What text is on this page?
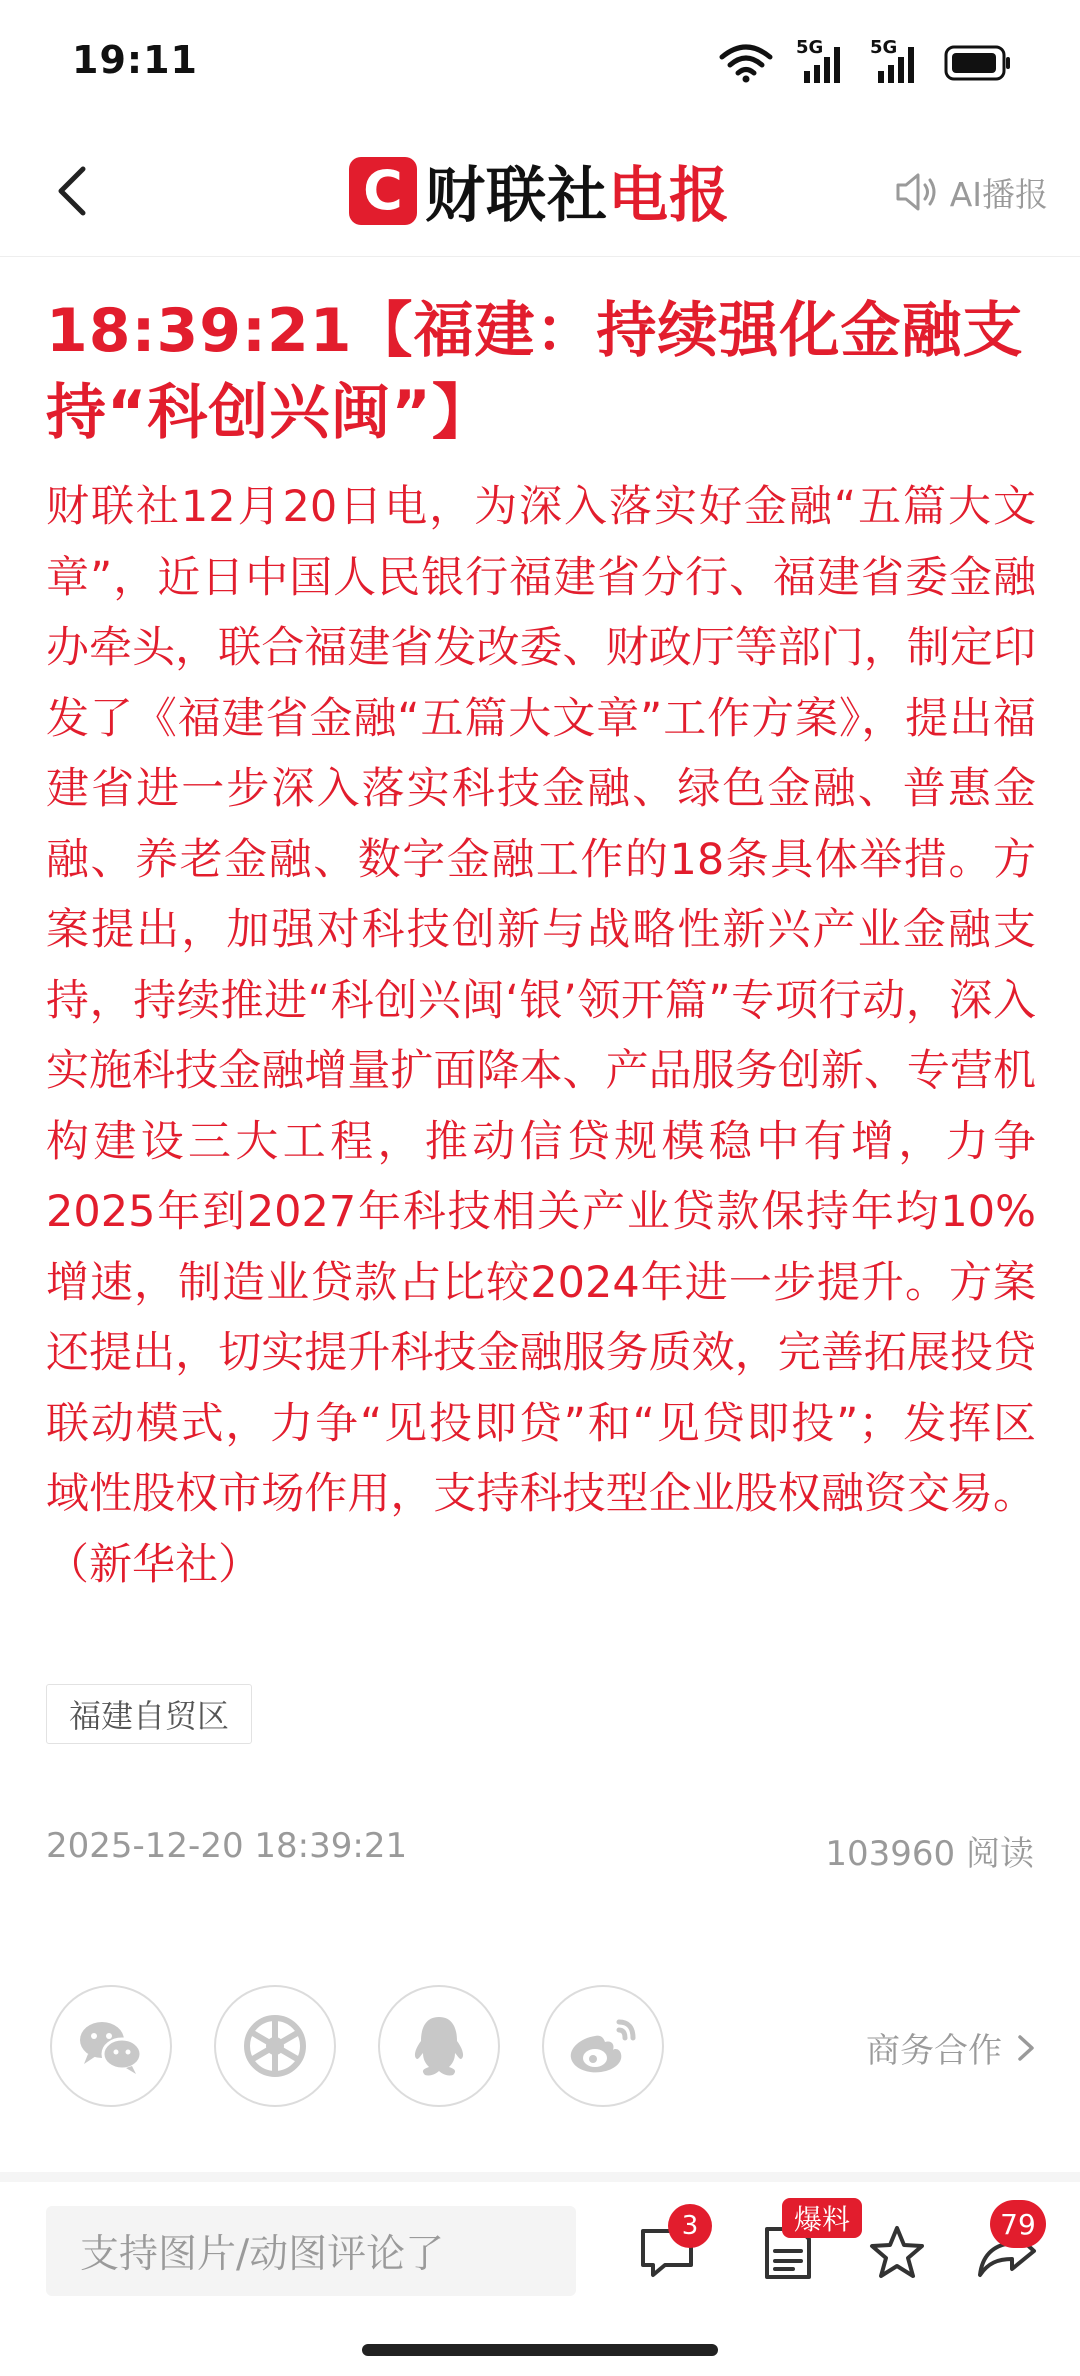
19:11	5G	5G
C 财联社电报	AI播报
18:39:21【福建：持续强化金融支持“科创兴闽”】

财联社12月20日电，为深入落实好金融“五篇大文章”，近日中国人民银行福建省分行、福建省委金融办牵头，联合福建省发改委、财政厅等部门，制定印发了《福建省金融“五篇大文章”工作方案》，提出福建省进一步深入落实科技金融、绿色金融、普惠金融、养老金融、数字金融工作的18条具体举措。方案提出，加强对科技创新与战略性新兴产业金融支持，持续推进“科创兴闽‘银’领开篇”专项行动，深入实施科技金融增量扩面降本、产品服务创新、专营机构建设三大工程，推动信贷规模稳中有增，力争2025年到2027年科技相关产业贷款保持年均10%增速，制造业贷款占比较2024年进一步提升。方案还提出，切实提升科技金融服务质效，完善拓展投贷联动模式，力争“见投即贷”和“见贷即投”；发挥区域性股权市场作用，支持科技型企业股权融资交易。（新华社）

福建自贸区
2025-12-20 18:39:21	103960 阅读
商务合作
支持图片/动图评论了
3	爆料	79
